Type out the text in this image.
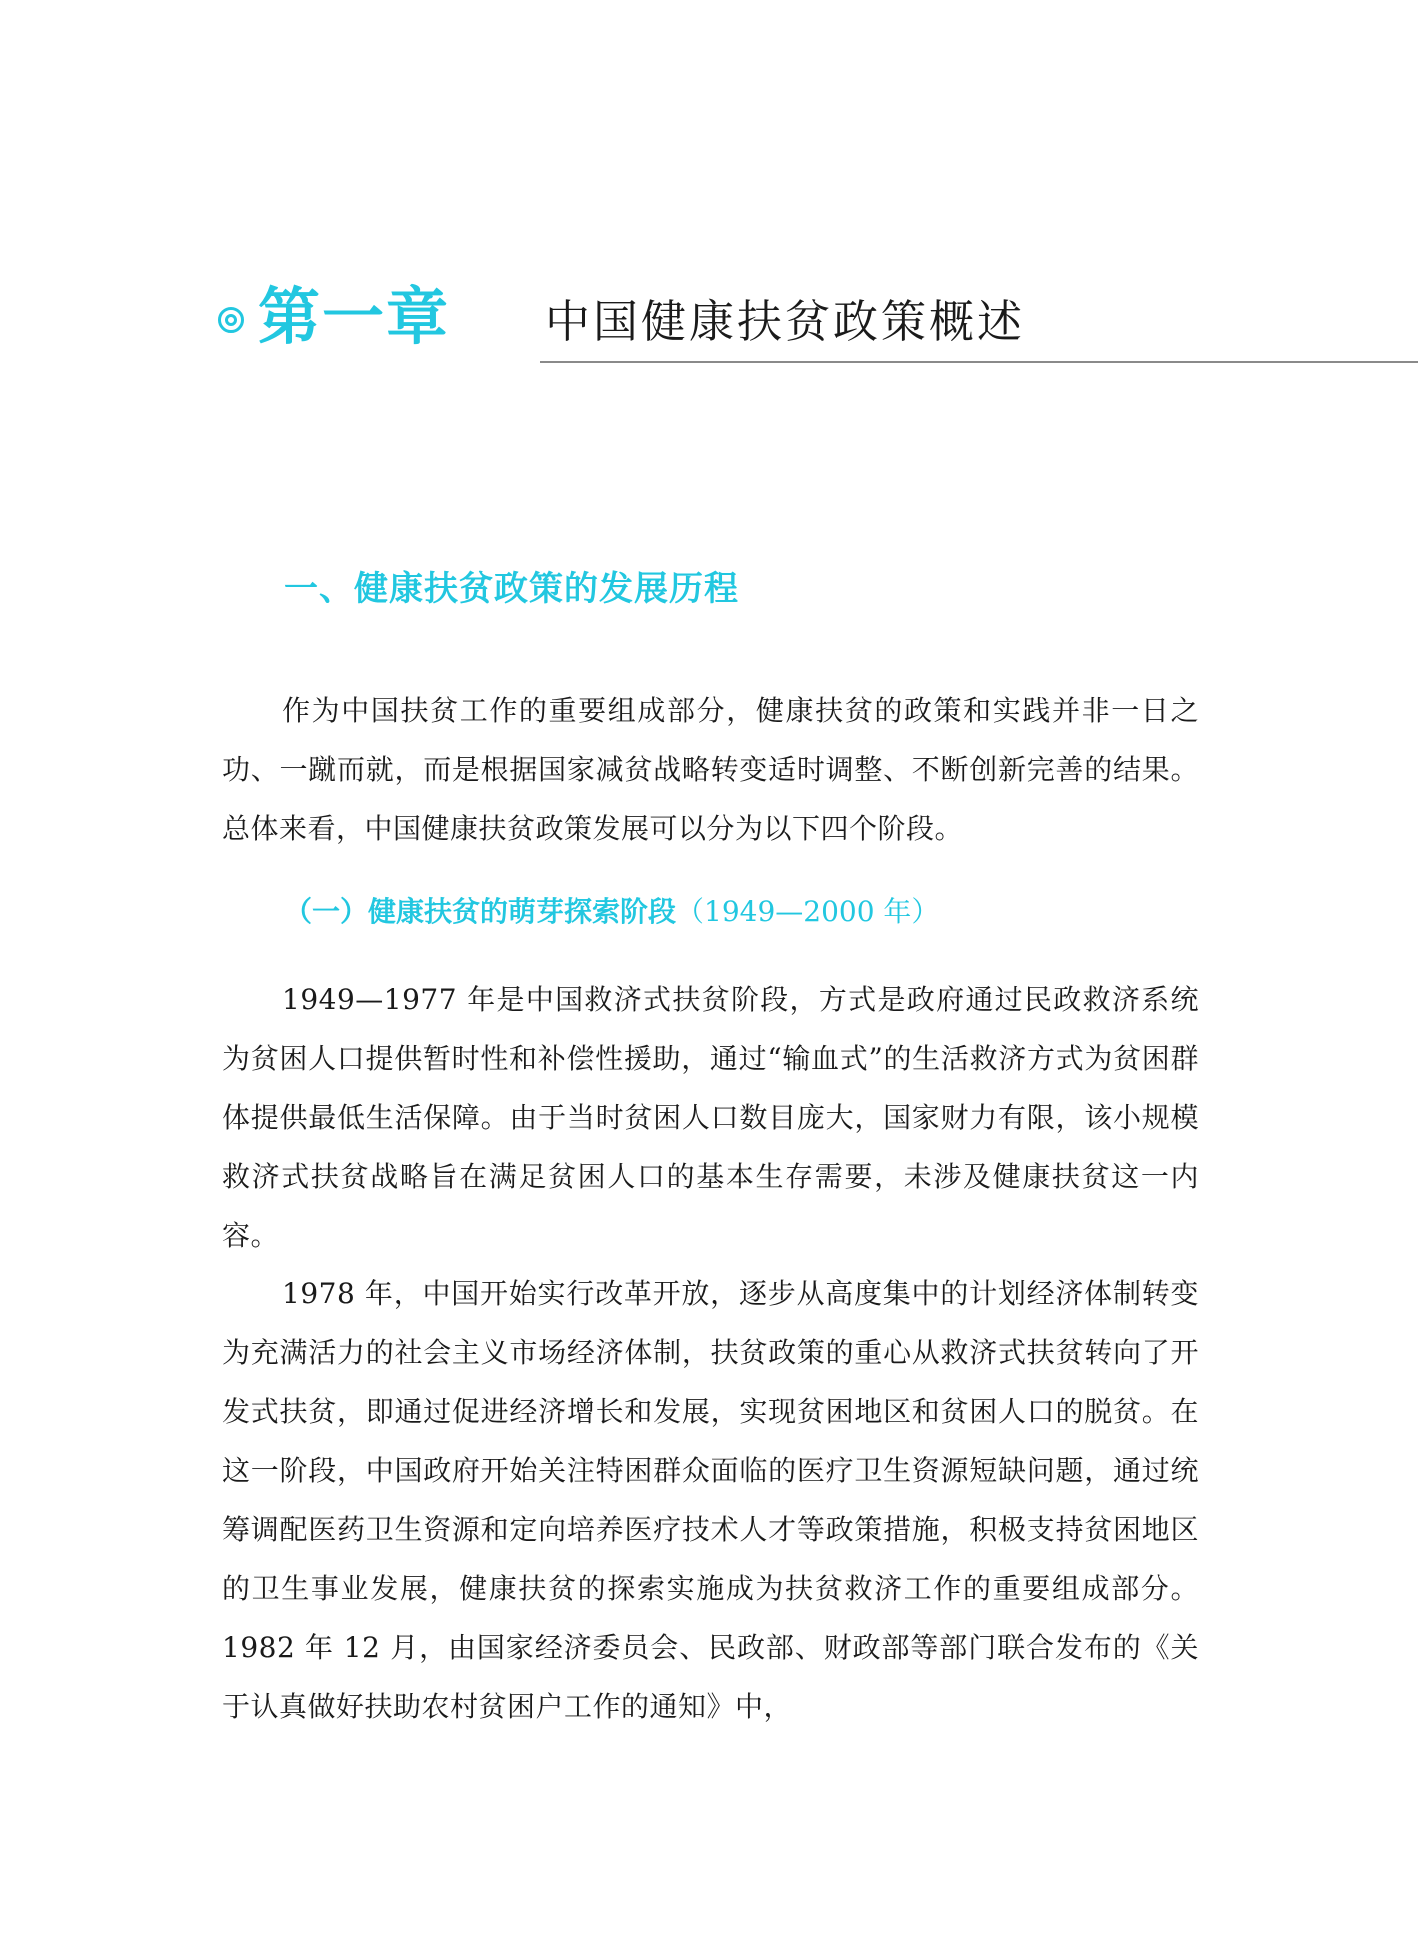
第一章 中国健康扶贫政策概述
一、健康扶贫政策的发展历程

作为中国扶贫工作的重要组成部分，健康扶贫的政策和实践并非一日之功、一蹴而就，而是根据国家减贫战略转变适时调整、不断创新完善的结果。总体来看，中国健康扶贫政策发展可以分为以下四个阶段。

（一）健康扶贫的萌芽探索阶段（1949—2000 年）

1949—1977 年是中国救济式扶贫阶段，方式是政府通过民政救济系统为贫困人口提供暂时性和补偿性援助，通过“输血式”的生活救济方式为贫困群体提供最低生活保障。由于当时贫困人口数目庞大，国家财力有限，该小规模救济式扶贫战略旨在满足贫困人口的基本生存需要，未涉及健康扶贫这一内容。

1978 年，中国开始实行改革开放，逐步从高度集中的计划经济体制转变为充满活力的社会主义市场经济体制，扶贫政策的重心从救济式扶贫转向了开发式扶贫，即通过促进经济增长和发展，实现贫困地区和贫困人口的脱贫。在这一阶段，中国政府开始关注特困群众面临的医疗卫生资源短缺问题，通过统筹调配医药卫生资源和定向培养医疗技术人才等政策措施，积极支持贫困地区的卫生事业发展，健康扶贫的探索实施成为扶贫救济工作的重要组成部分。1982 年 12 月，由国家经济委员会、民政部、财政部等部门联合发布的《关于认真做好扶助农村贫困户工作的通知》中，
